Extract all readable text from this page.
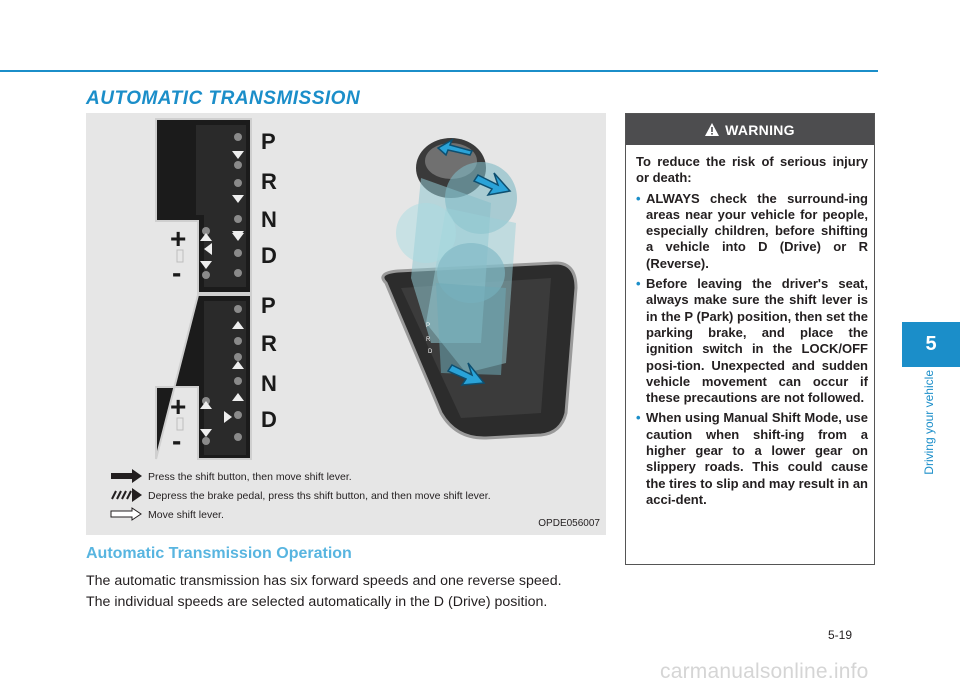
AUTOMATIC TRANSMISSION
P
R
D
P
R
N
D
+
-
P
R
N
D
+
-
Press the shift button, then move shift lever.
Depress the brake pedal, press ths shift button, and then move shift lever.
Move shift lever.
OPDE056007
Automatic Transmission Operation

The automatic transmission has six forward speeds and one reverse speed.

The individual speeds are selected automatically in the D (Drive) position.

WARNING

To reduce the risk of serious injury or death:

• ALWAYS check the surround-ing areas near your vehicle for people, especially children, before shifting a vehicle into D (Drive) or R (Reverse).
• Before leaving the driver's seat, always make sure the shift lever is in the P (Park) position, then set the parking brake, and place the ignition switch in the LOCK/OFF posi-tion. Unexpected and sudden vehicle movement can occur if these precautions are not followed.
• When using Manual Shift Mode, use caution when shift-ing from a higher gear to a lower gear on slippery roads. This could cause the tires to slip and may result in an acci-dent.
5
Driving your vehicle
5-19
carmanualsonline.info
